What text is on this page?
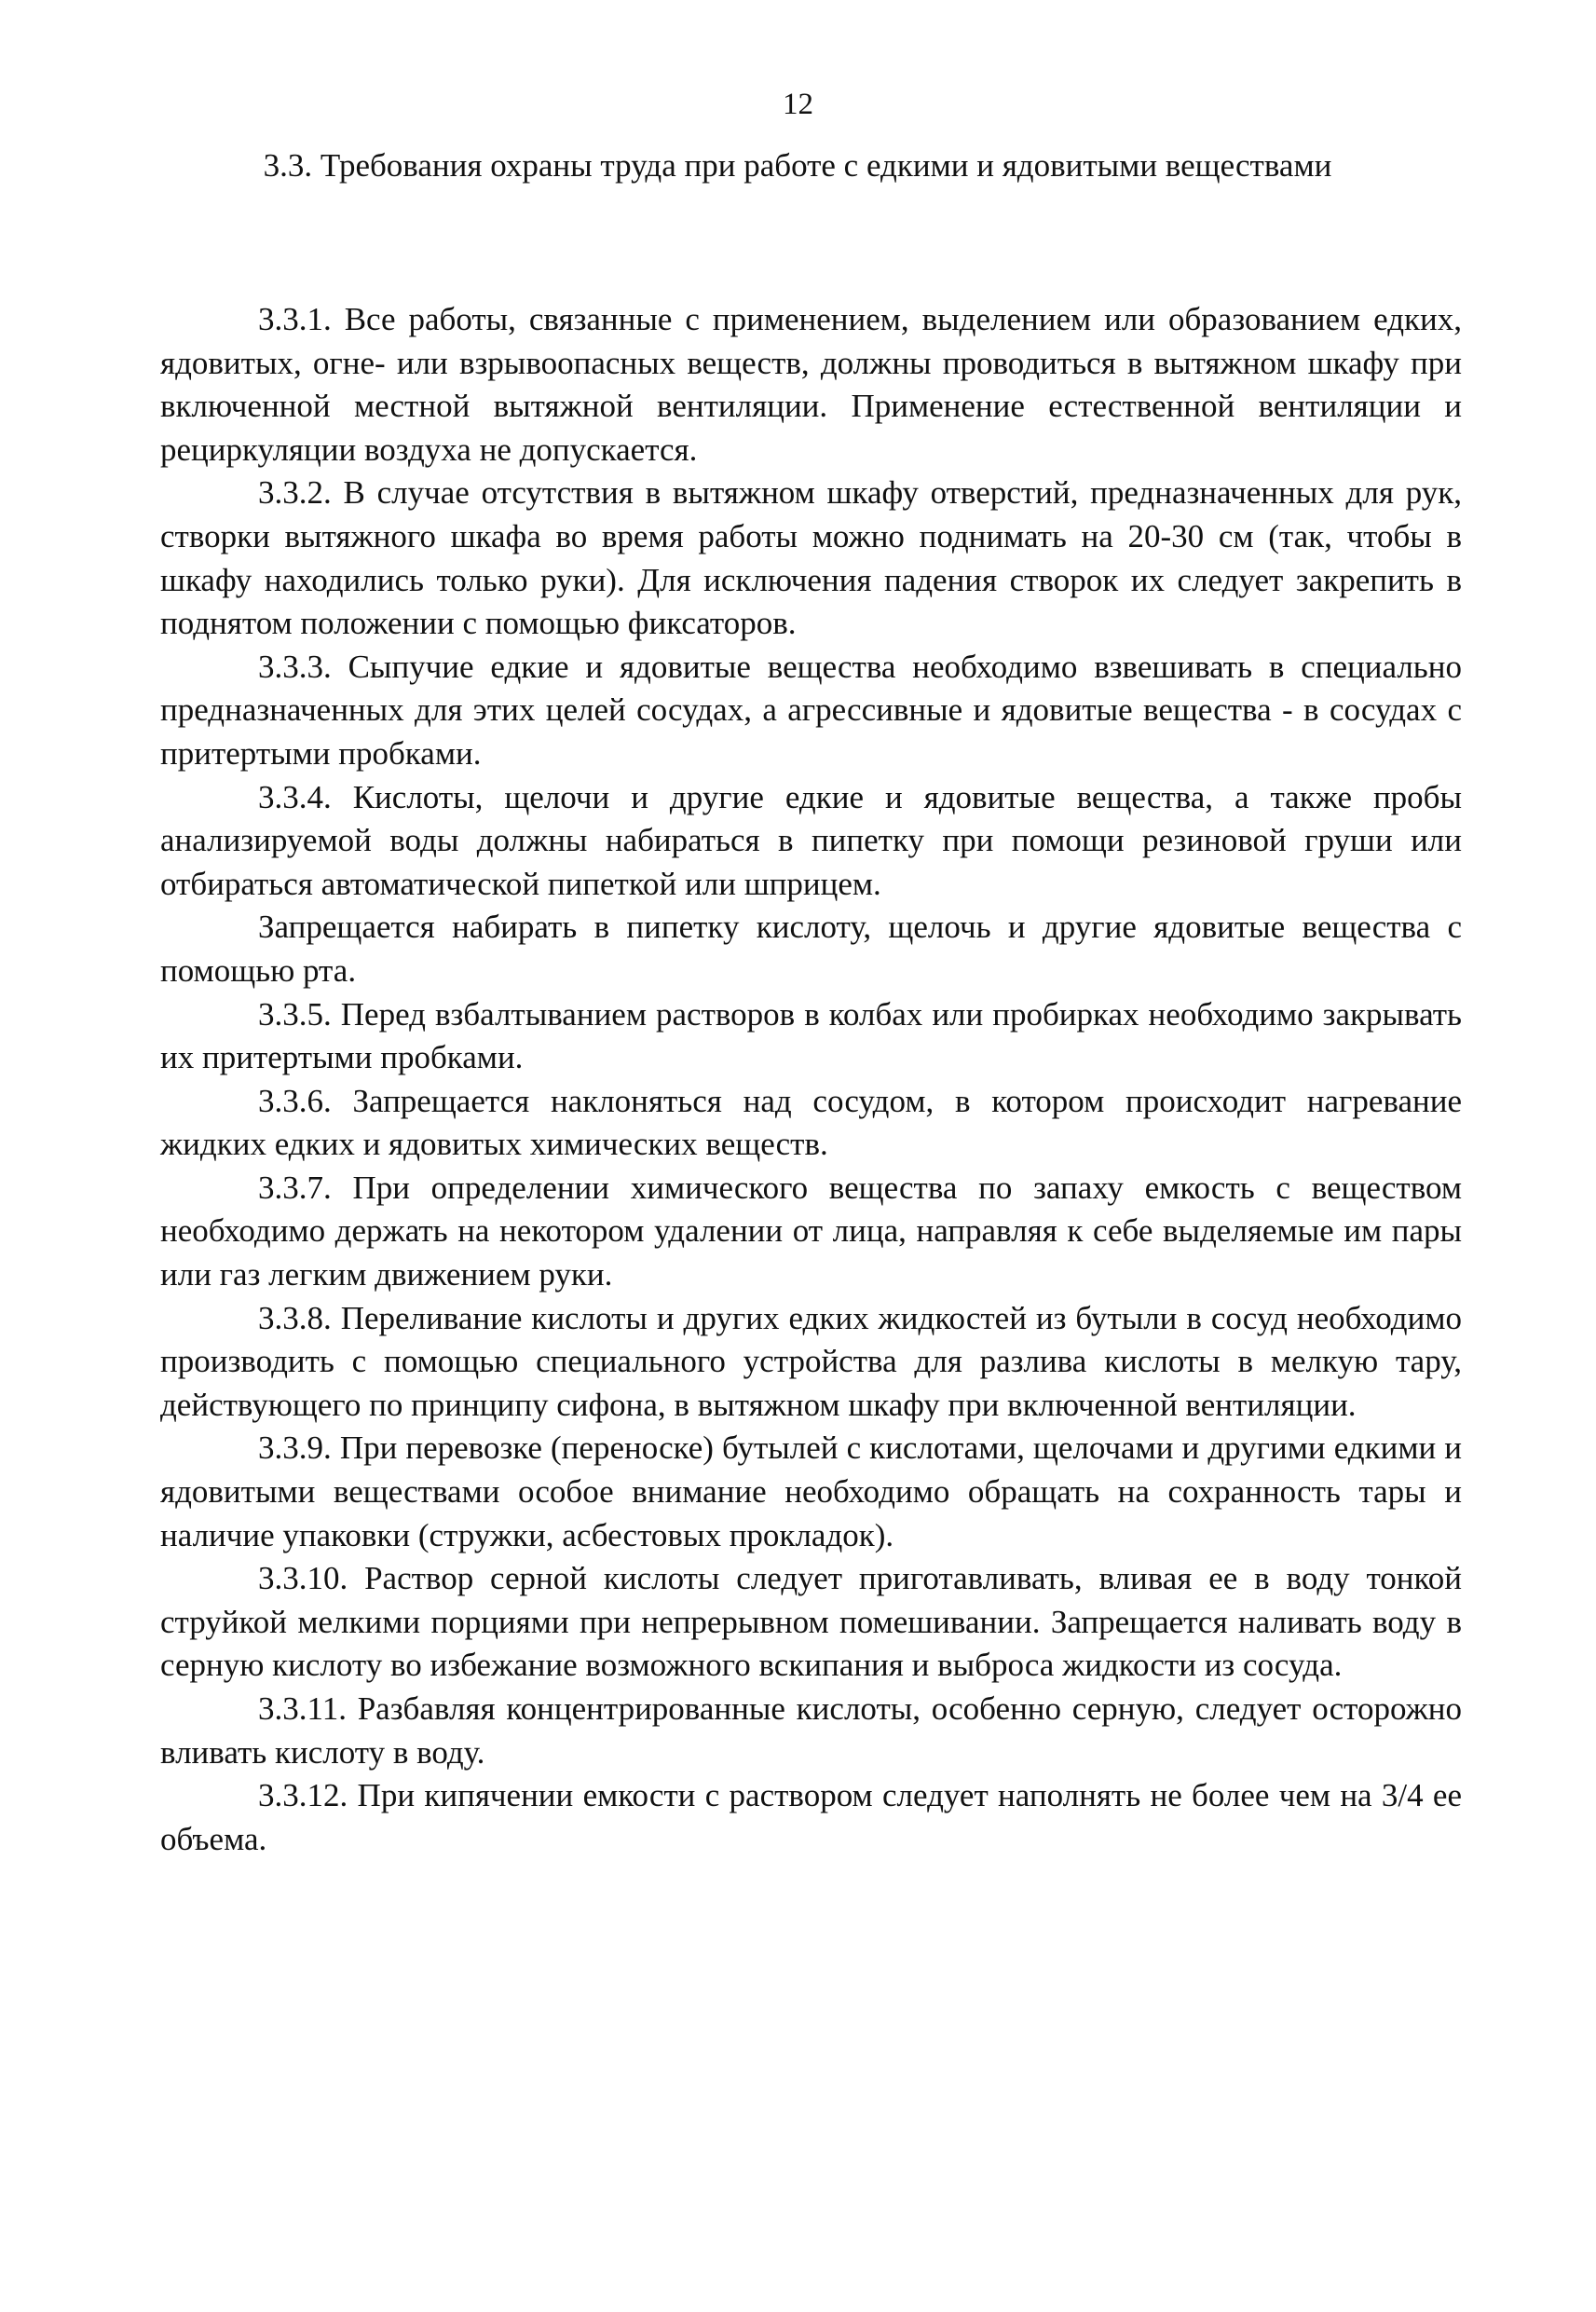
12
3.3. Требования охраны труда при работе с едкими и ядовитыми веществами

3.3.1. Все работы, связанные с применением, выделением или образованием едких, ядовитых, огне- или взрывоопасных веществ, должны проводиться в вытяжном шкафу при включенной местной вытяжной вентиляции. Применение естественной вентиляции и рециркуляции воздуха не допускается.

3.3.2. В случае отсутствия в вытяжном шкафу отверстий, предназначенных для рук, створки вытяжного шкафа во время работы можно поднимать на 20-30 см (так, чтобы в шкафу находились только руки). Для исключения падения створок их следует закрепить в поднятом положении с помощью фиксаторов.

3.3.3. Сыпучие едкие и ядовитые вещества необходимо взвешивать в специально предназначенных для этих целей сосудах, а агрессивные и ядовитые вещества - в сосудах с притертыми пробками.

3.3.4. Кислоты, щелочи и другие едкие и ядовитые вещества, а также пробы анализируемой воды должны набираться в пипетку при помощи резиновой груши или отбираться автоматической пипеткой или шприцем.

Запрещается набирать в пипетку кислоту, щелочь и другие ядовитые вещества с помощью рта.

3.3.5. Перед взбалтыванием растворов в колбах или пробирках необходимо закрывать их притертыми пробками.

3.3.6. Запрещается наклоняться над сосудом, в котором происходит нагревание жидких едких и ядовитых химических веществ.

3.3.7. При определении химического вещества по запаху емкость с веществом необходимо держать на некотором удалении от лица, направляя к себе выделяемые им пары или газ легким движением руки.

3.3.8. Переливание кислоты и других едких жидкостей из бутыли в сосуд необходимо производить с помощью специального устройства для разлива кислоты в мелкую тару, действующего по принципу сифона, в вытяжном шкафу при включенной вентиляции.

3.3.9. При перевозке (переноске) бутылей с кислотами, щелочами и другими едкими и ядовитыми веществами особое внимание необходимо обращать на сохранность тары и наличие упаковки (стружки, асбестовых прокладок).

3.3.10. Раствор серной кислоты следует приготавливать, вливая ее в воду тонкой струйкой мелкими порциями при непрерывном помешивании. Запрещается наливать воду в серную кислоту во избежание возможного вскипания и выброса жидкости из сосуда.

3.3.11. Разбавляя концентрированные кислоты, особенно серную, следует осторожно вливать кислоту в воду.

3.3.12. При кипячении емкости с раствором следует наполнять не более чем на 3/4 ее объема.
